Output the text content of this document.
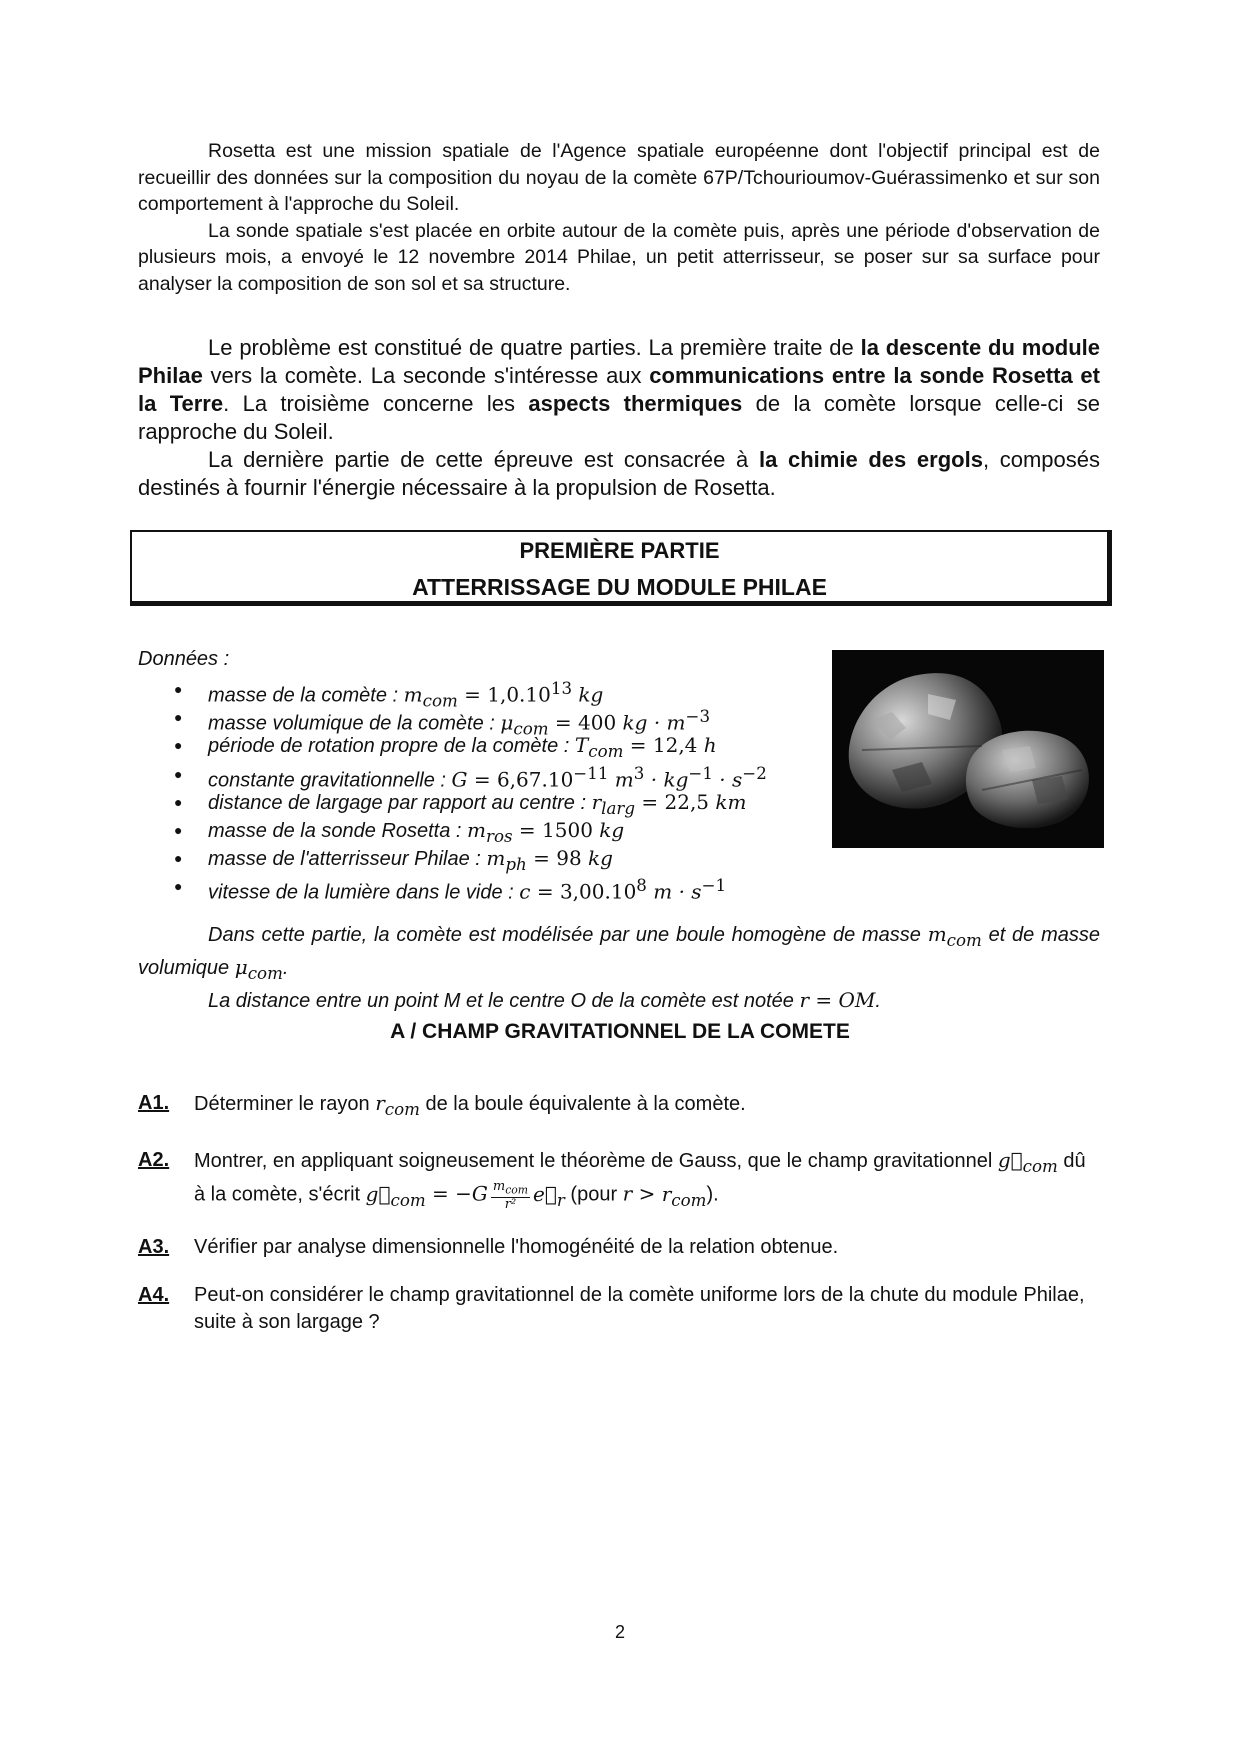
Rosetta est une mission spatiale de l'Agence spatiale européenne dont l'objectif principal est de recueillir des données sur la composition du noyau de la comète 67P/Tchourioumov-Guérassimenko et sur son comportement à l'approche du Soleil.

La sonde spatiale s'est placée en orbite autour de la comète puis, après une période d'observation de plusieurs mois, a envoyé le 12 novembre 2014 Philae, un petit atterrisseur, se poser sur sa surface pour analyser la composition de son sol et sa structure.

Le problème est constitué de quatre parties. La première traite de la descente du module Philae vers la comète. La seconde s'intéresse aux communications entre la sonde Rosetta et la Terre. La troisième concerne les aspects thermiques de la comète lorsque celle-ci se rapproche du Soleil.

La dernière partie de cette épreuve est consacrée à la chimie des ergols, composés destinés à fournir l'énergie nécessaire à la propulsion de Rosetta.

PREMIÈRE PARTIE
ATTERRISSAGE DU MODULE PHILAE
Données :
● masse de la comète : $m_{com} = 1,0.10^{13}$ kg
● masse volumique de la comète : $\mu_{com} = 400$ kg · $m^{-3}$
● période de rotation propre de la comète : $T_{com} = 12,4$ h
● constante gravitationnelle : $G = 6,67.10^{-11}$ $m^3 \cdot kg^{-1} \cdot s^{-2}$
● distance de largage par rapport au centre : $r_{larg} = 22,5$ km
● masse de la sonde Rosetta : $m_{ros} = 1500$ kg
● masse de l'atterrisseur Philae : $m_{ph} = 98$ kg
● vitesse de la lumière dans le vide : $c = 3,00.10^8$ $m \cdot s^{-1}$

Dans cette partie, la comète est modélisée par une boule homogène de masse $m_{com}$ et de masse volumique $\mu_{com}$.

La distance entre un point M et le centre O de la comète est notée r = OM.

A / CHAMP GRAVITATIONNEL DE LA COMETE
A1. Déterminer le rayon $r_{com}$ de la boule équivalente à la comète.
A2. Montrer, en appliquant soigneusement le théorème de Gauss, que le champ gravitationnel $g⃗_{com}$ dû à la comète, s'écrit $g⃗_{com} = -G \frac{m_{com}}{\text{r²}}$ $e⃗_r$ (pour $r > r_{com}$).
A3. Vérifier par analyse dimensionnelle l'homogénéité de la relation obtenue.
A4. Peut-on considérer le champ gravitationnel de la comète uniforme lors de la chute du module Philae, suite à son largage ?
2
